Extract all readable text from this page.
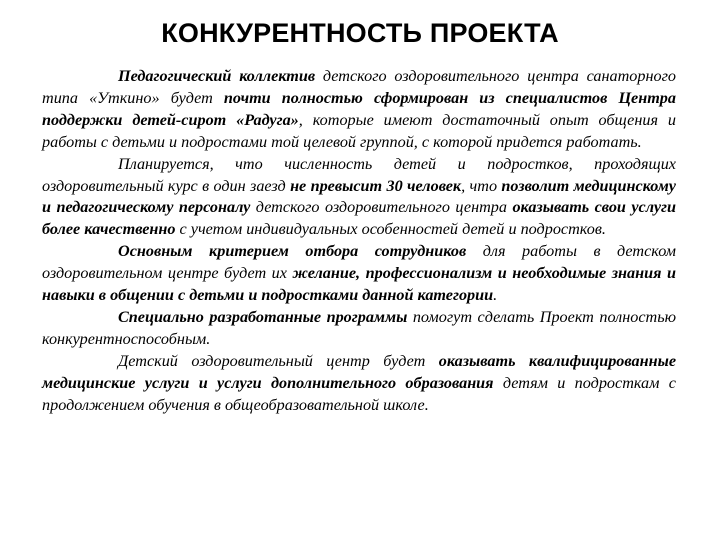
КОНКУРЕНТНОСТЬ ПРОЕКТА

Педагогический коллектив детского оздоровительного центра санаторного типа «Уткино» будет почти полностью сформирован из специалистов Центра поддержки детей-сирот «Радуга», которые имеют достаточный опыт общения и работы с детьми и подростами той целевой группой, с которой придется работать.

Планируется, что численность детей и подростков, проходящих оздоровительный курс в один заезд не превысит 30 человек, что позволит медицинскому и педагогическому персоналу детского оздоровительного центра оказывать свои услуги более качественно с учетом индивидуальных особенностей детей и подростков.

Основным критерием отбора сотрудников для работы в детском оздоровительном центре будет их желание, профессионализм и необходимые знания и навыки в общении с детьми и подростками данной категории.

Специально разработанные программы помогут сделать Проект полностью конкурентноспособным.

Детский оздоровительный центр будет оказывать квалифицированные медицинские услуги и услуги дополнительного образования детям и подросткам с продолжением обучения в общеобразовательной школе.
